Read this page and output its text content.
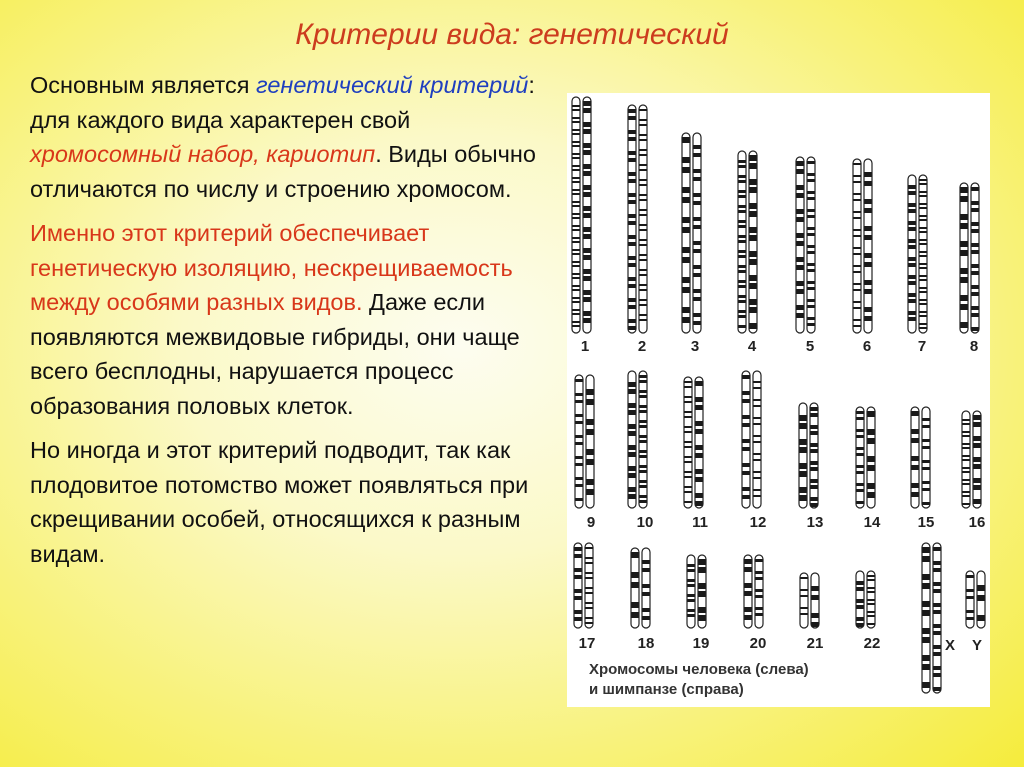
Критерии вида: генетический

Основным является генетический критерий: для каждого вида характерен свой хромосомный набор, кариотип. Виды обычно отличаются по числу и строению хромосом.

Именно этот критерий обеспечивает генетическую изоляцию, нескрещиваемость между особями разных видов. Даже если появляются межвидовые гибриды, они чаще всего бесплодны, нарушается процесс образования половых клеток.

Но иногда и этот критерий подводит, так как плодовитое потомство может появляться при скрещивании особей, относящихся к разным видам.

1	2	3	4	5	6	7	8
9	10	11	12	13	14 15 16
17	18	19	20	21	22	X Y
Хромосомы человека (слева)
и шимпанзе (справа)
